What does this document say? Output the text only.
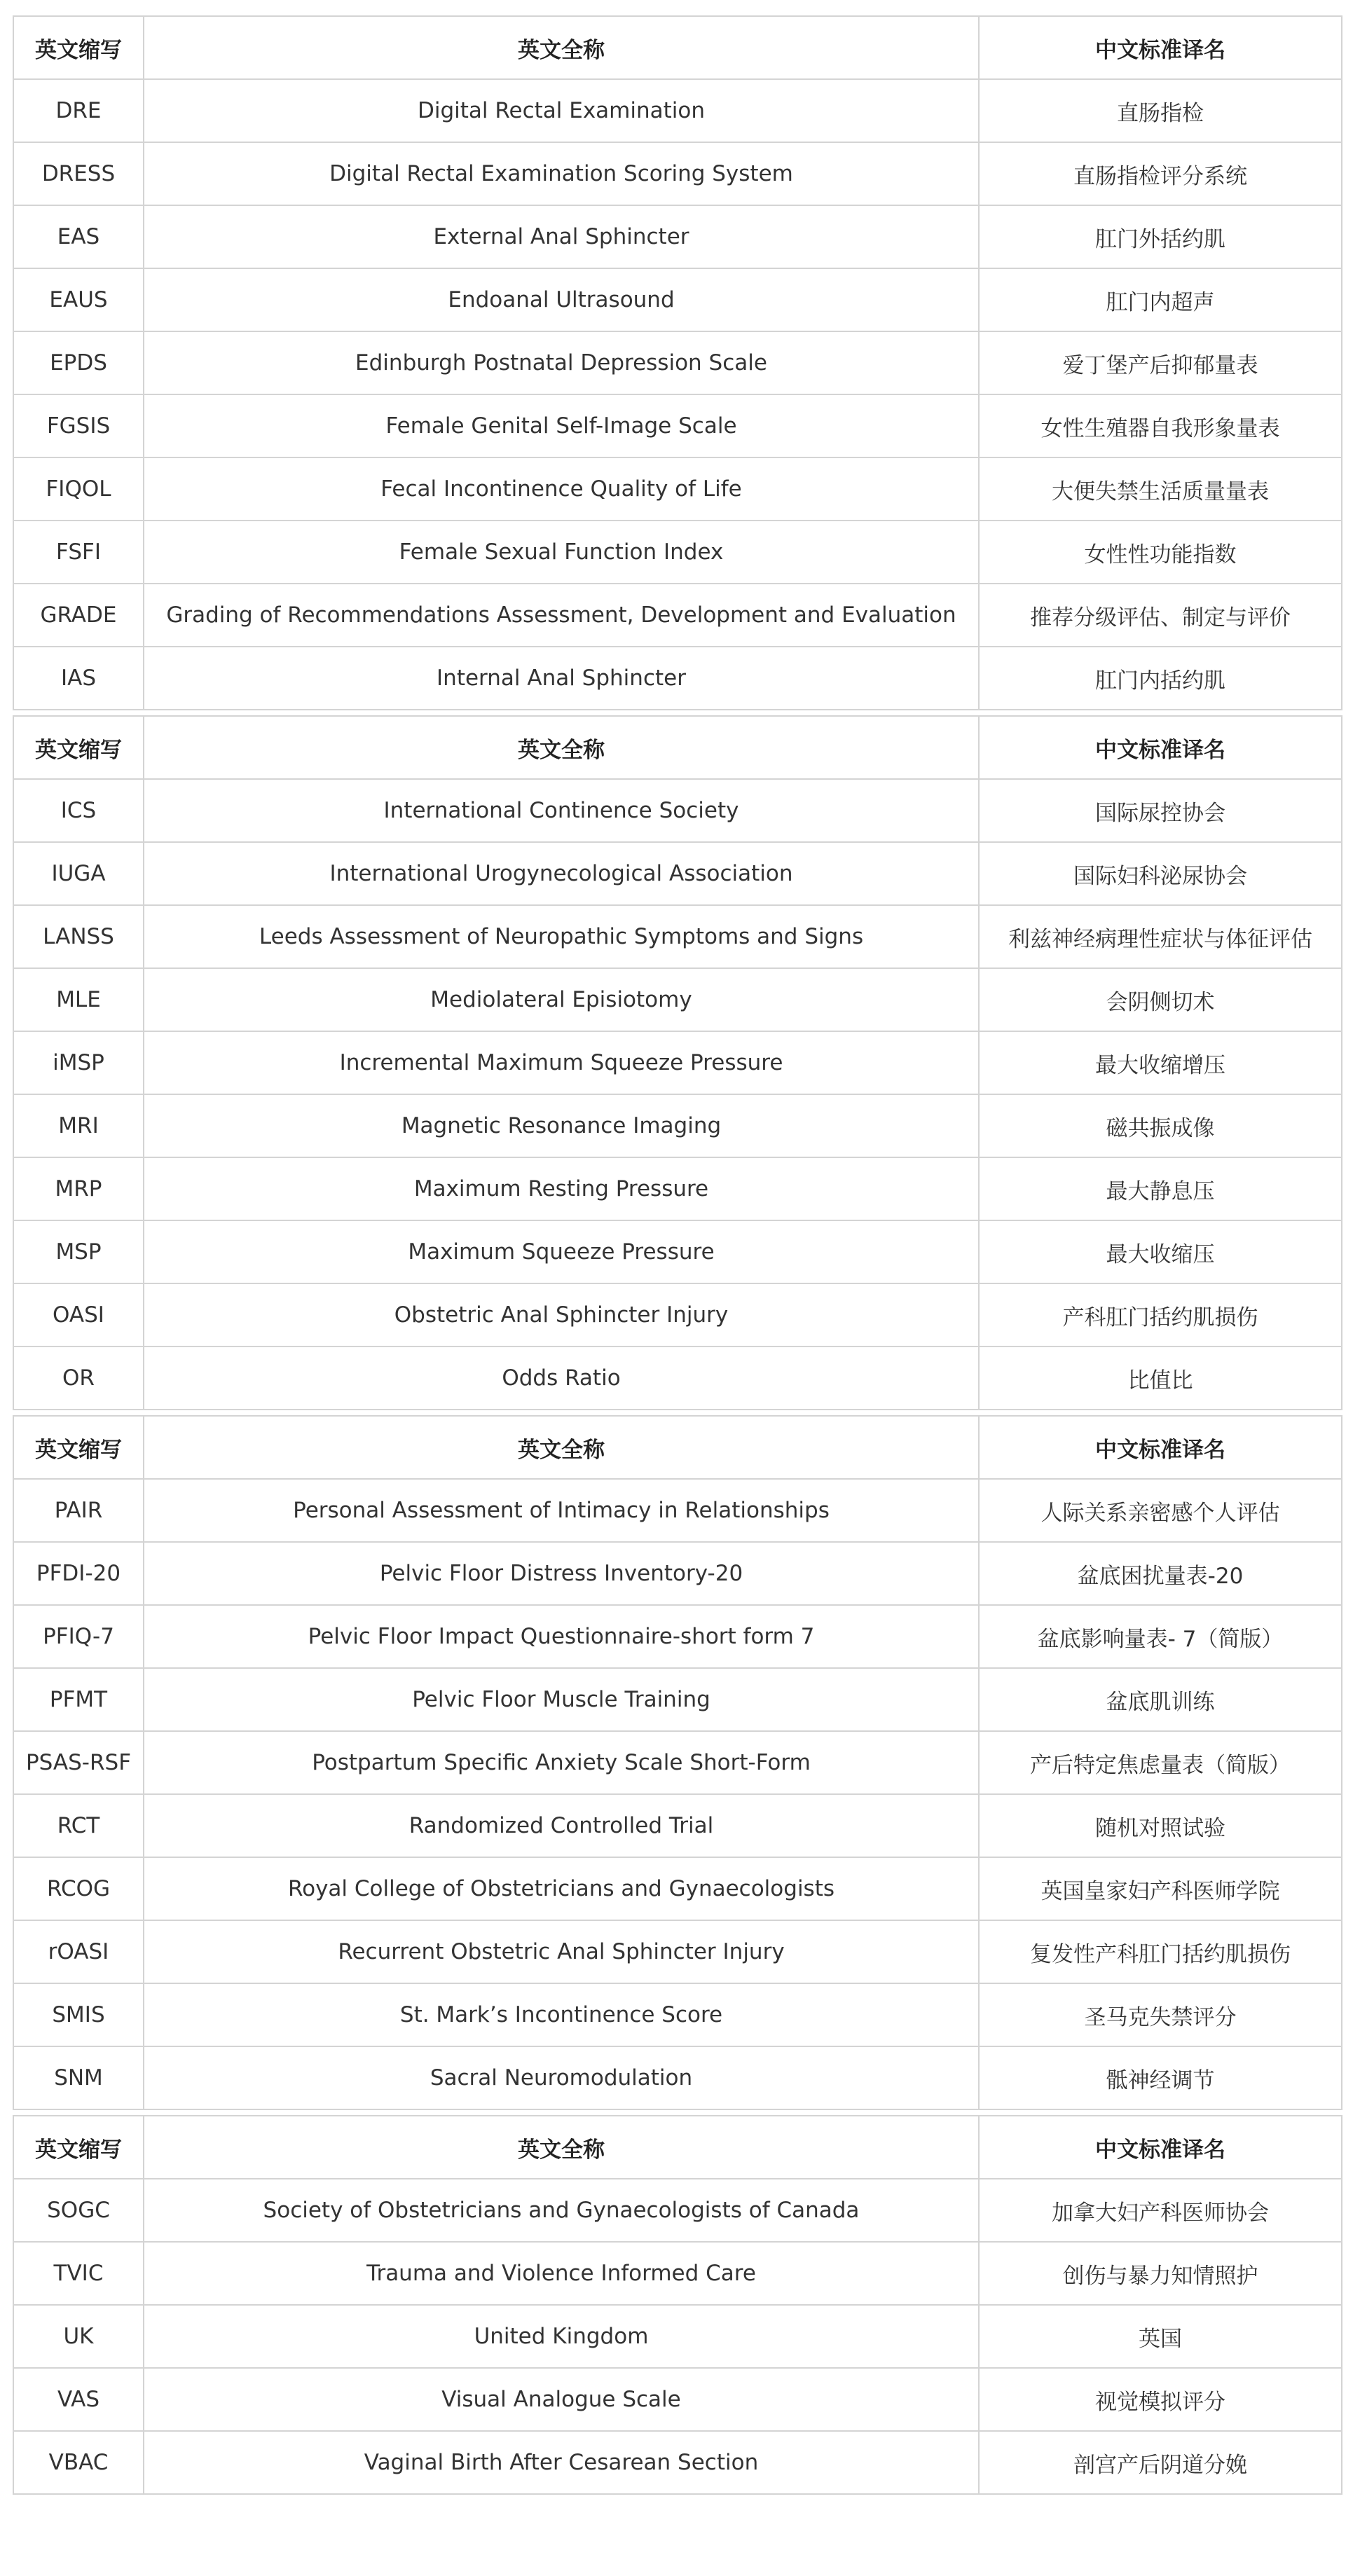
英文缩写	英文全称	中文标准译名
DRE	Digital Rectal Examination	直肠指检
DRESS	Digital Rectal Examination Scoring System	直肠指检评分系统
EAS	External Anal Sphincter	肛门外括约肌
EAUS	Endoanal Ultrasound	肛门内超声
EPDS	Edinburgh Postnatal Depression Scale	爱丁堡产后抑郁量表
FGSIS	Female Genital Self-Image Scale	女性生殖器自我形象量表
FIQOL	Fecal Incontinence Quality of Life	大便失禁生活质量量表
FSFI	Female Sexual Function Index	女性性功能指数
GRADE	Grading of Recommendations Assessment, Development and Evaluation	推荐分级评估、制定与评价
IAS	Internal Anal Sphincter	肛门内括约肌
英文缩写	英文全称	中文标准译名
ICS	International Continence Society	国际尿控协会
IUGA	International Urogynecological Association	国际妇科泌尿协会
LANSS	Leeds Assessment of Neuropathic Symptoms and Signs	利兹神经病理性症状与体征评估
MLE	Mediolateral Episiotomy	会阴侧切术
iMSP	Incremental Maximum Squeeze Pressure	最大收缩增压
MRI	Magnetic Resonance Imaging	磁共振成像
MRP	Maximum Resting Pressure	最大静息压
MSP	Maximum Squeeze Pressure	最大收缩压
OASI	Obstetric Anal Sphincter Injury	产科肛门括约肌损伤
OR	Odds Ratio	比值比
英文缩写	英文全称	中文标准译名
PAIR	Personal Assessment of Intimacy in Relationships	人际关系亲密感个人评估
PFDI-20	Pelvic Floor Distress Inventory-20	盆底困扰量表-20
PFIQ-7	Pelvic Floor Impact Questionnaire-short form 7	盆底影响量表- 7（简版）
PFMT	Pelvic Floor Muscle Training	盆底肌训练
PSAS-RSF	Postpartum Specific Anxiety Scale Short-Form	产后特定焦虑量表（简版）
RCT	Randomized Controlled Trial	随机对照试验
RCOG	Royal College of Obstetricians and Gynaecologists	英国皇家妇产科医师学院
rOASI	Recurrent Obstetric Anal Sphincter Injury	复发性产科肛门括约肌损伤
SMIS	St. Mark’s Incontinence Score	圣马克失禁评分
SNM	Sacral Neuromodulation	骶神经调节
英文缩写	英文全称	中文标准译名
SOGC	Society of Obstetricians and Gynaecologists of Canada	加拿大妇产科医师协会
TVIC	Trauma and Violence Informed Care	创伤与暴力知情照护
UK	United Kingdom	英国
VAS	Visual Analogue Scale	视觉模拟评分
VBAC	Vaginal Birth After Cesarean Section	剖宫产后阴道分娩
